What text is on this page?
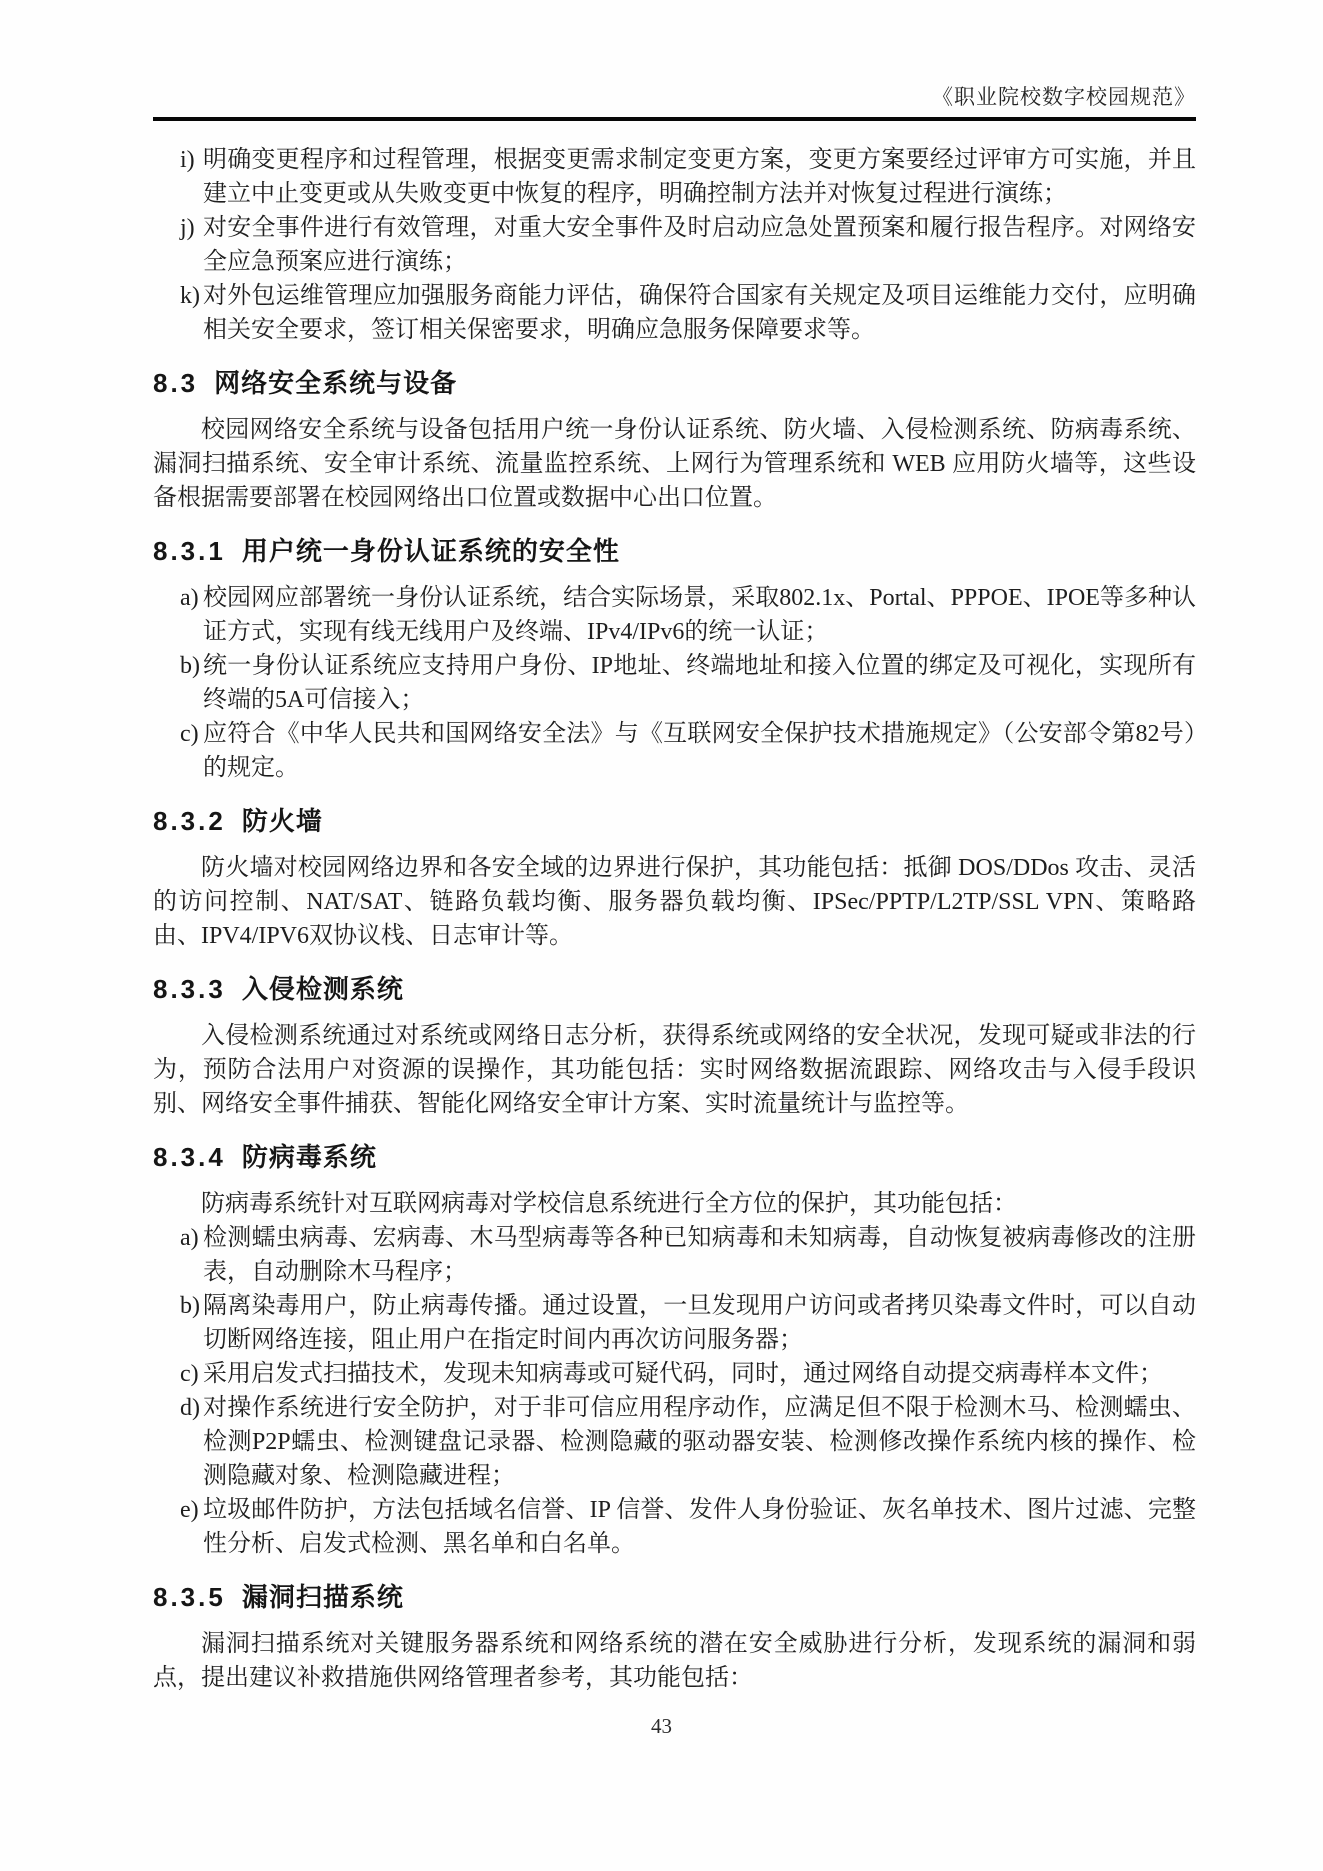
《职业院校数字校园规范》
i) 明确变更程序和过程管理，根据变更需求制定变更方案，变更方案要经过评审方可实施，并且建立中止变更或从失败变更中恢复的程序，明确控制方法并对恢复过程进行演练；
j) 对安全事件进行有效管理，对重大安全事件及时启动应急处置预案和履行报告程序。对网络安全应急预案应进行演练；
k) 对外包运维管理应加强服务商能力评估，确保符合国家有关规定及项目运维能力交付，应明确相关安全要求，签订相关保密要求，明确应急服务保障要求等。
8.3 网络安全系统与设备

校园网络安全系统与设备包括用户统一身份认证系统、防火墙、入侵检测系统、防病毒系统、漏洞扫描系统、安全审计系统、流量监控系统、上网行为管理系统和 WEB 应用防火墙等，这些设备根据需要部署在校园网络出口位置或数据中心出口位置。

8.3.1 用户统一身份认证系统的安全性
a) 校园网应部署统一身份认证系统，结合实际场景，采取802.1x、Portal、PPPOE、IPOE等多种认证方式，实现有线无线用户及终端、IPv4/IPv6的统一认证；
b) 统一身份认证系统应支持用户身份、IP地址、终端地址和接入位置的绑定及可视化，实现所有终端的5A可信接入；
c) 应符合《中华人民共和国网络安全法》与《互联网安全保护技术措施规定》（公安部令第82号）的规定。
8.3.2 防火墙

防火墙对校园网络边界和各安全域的边界进行保护，其功能包括：抵御 DOS/DDos 攻击、灵活的访问控制、NAT/SAT、链路负载均衡、服务器负载均衡、IPSec/PPTP/L2TP/SSL VPN、策略路由、IPV4/IPV6双协议栈、日志审计等。

8.3.3 入侵检测系统

入侵检测系统通过对系统或网络日志分析，获得系统或网络的安全状况，发现可疑或非法的行为，预防合法用户对资源的误操作，其功能包括：实时网络数据流跟踪、网络攻击与入侵手段识别、网络安全事件捕获、智能化网络安全审计方案、实时流量统计与监控等。

8.3.4 防病毒系统

防病毒系统针对互联网病毒对学校信息系统进行全方位的保护，其功能包括：

a) 检测蠕虫病毒、宏病毒、木马型病毒等各种已知病毒和未知病毒，自动恢复被病毒修改的注册表，自动删除木马程序；
b) 隔离染毒用户，防止病毒传播。通过设置，一旦发现用户访问或者拷贝染毒文件时，可以自动切断网络连接，阻止用户在指定时间内再次访问服务器；
c) 采用启发式扫描技术，发现未知病毒或可疑代码，同时，通过网络自动提交病毒样本文件；
d) 对操作系统进行安全防护，对于非可信应用程序动作，应满足但不限于检测木马、检测蠕虫、检测P2P蠕虫、检测键盘记录器、检测隐藏的驱动器安装、检测修改操作系统内核的操作、检测隐藏对象、检测隐藏进程；
e) 垃圾邮件防护，方法包括域名信誉、IP 信誉、发件人身份验证、灰名单技术、图片过滤、完整性分析、启发式检测、黑名单和白名单。
8.3.5 漏洞扫描系统

漏洞扫描系统对关键服务器系统和网络系统的潜在安全威胁进行分析，发现系统的漏洞和弱点，提出建议补救措施供网络管理者参考，其功能包括：

43
